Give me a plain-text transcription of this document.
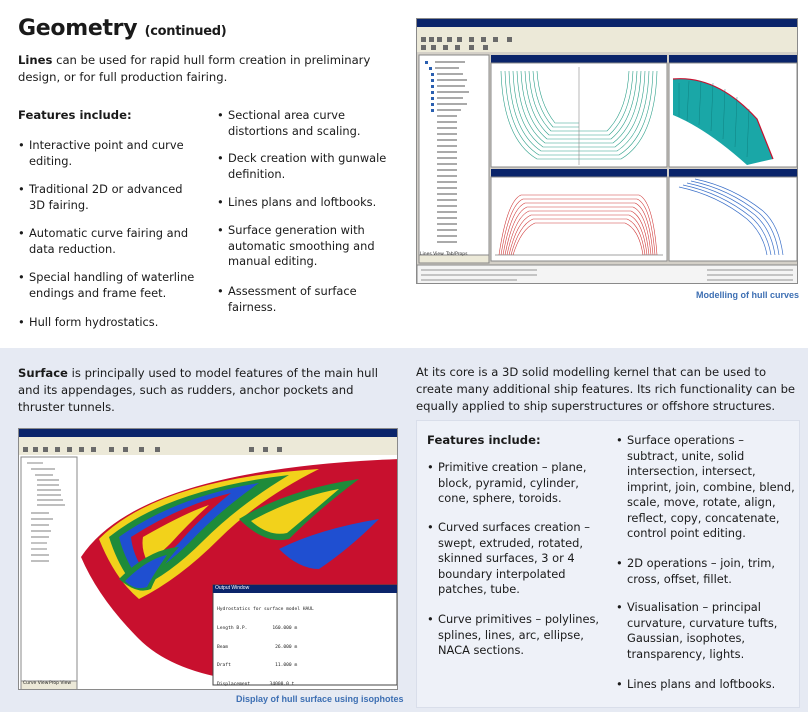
Geometry (continued)
Lines can be used for rapid hull form creation in preliminary design, or for full production fairing.
Features include:
• Interactive point and curve editing.
• Traditional 2D or advanced 3D fairing.
• Automatic curve fairing and data reduction.
• Special handling of waterline endings and frame feet.
• Hull form hydrostatics.
• Sectional area curve distortions and scaling.
• Deck creation with gunwale definition.
• Lines plans and loftbooks.
• Surface generation with automatic smoothing and manual editing.
• Assessment of surface fairness.
Modelling of hull curves
Surface is principally used to model features of the main hull and its appendages, such as rudders, anchor pockets and thruster tunnels.
At its core is a 3D solid modelling kernel that can be used to create many additional ship features. Its rich functionality can be equally applied to ship superstructures or offshore structures.
Output Window

Hydrostatics for surface model HAUL

Length B.P.         160.000 m

Beam                 26.000 m

Draft                11.000 m

Displacement       34000.0 t

Curve View Prop View
Lines View Tab/Props
Display of hull surface using isophotes
Features include:
• Primitive creation – plane, block, pyramid, cylinder, cone, sphere, toroids.
• Curved surfaces creation – swept, extruded, rotated, skinned surfaces, 3 or 4 boundary interpolated patches, tube.
• Curve primitives – polylines, splines, lines, arc, ellipse, NACA sections.
• Surface operations – subtract, unite, solid intersection, intersect, imprint, join, combine, blend, scale, move, rotate, align, reflect, copy, concatenate, control point editing.
• 2D operations – join, trim, cross, offset, fillet.
• Visualisation – principal curvature, curvature tufts, Gaussian, isophotes, transparency, lights.
• Lines plans and loftbooks.
